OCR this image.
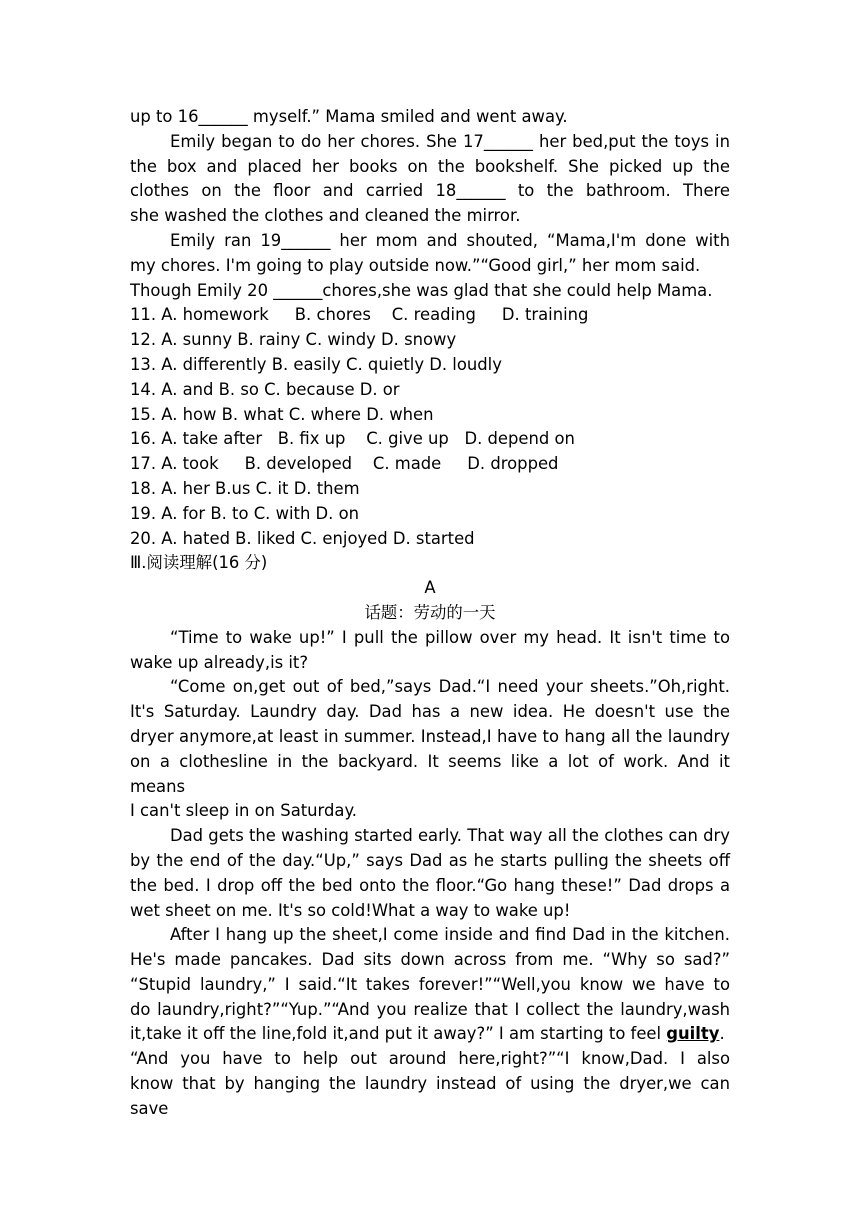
up to 16______ myself.” Mama smiled and went away.
Emily began to do her chores. She 17______ her bed,put the toys in
the box and placed her books on the bookshelf. She picked up the
clothes on the floor and carried 18______ to the bathroom. There
she washed the clothes and cleaned the mirror.
Emily ran 19______ her mom and shouted, “Mama,I'm done with
my chores. I'm going to play outside now.”“Good girl,” her mom said.
Though Emily 20 ______chores,she was glad that she could help Mama.
11. A. homework     B. chores    C. reading     D. training
12. A. sunny B. rainy C. windy D. snowy
13. A. differently B. easily C. quietly D. loudly
14. A. and B. so C. because D. or
15. A. how B. what C. where D. when
16. A. take after   B. fix up    C. give up   D. depend on
17. A. took     B. developed    C. made     D. dropped
18. A. her B.us C. it D. them
19. A. for B. to C. with D. on
20. A. hated B. liked C. enjoyed D. started
Ⅲ.阅读理解(16 分)
A
话题：劳动的一天
“Time to wake up!” I pull the pillow over my head. It isn't time to
wake up already,is it?
“Come on,get out of bed,”says Dad.“I need your sheets.”Oh,right.
It's Saturday. Laundry day. Dad has a new idea. He doesn't use the
dryer anymore,at least in summer. Instead,I have to hang all the laundry
on a clothesline in the backyard. It seems like a lot of work. And it means
I can't sleep in on Saturday.
Dad gets the washing started early. That way all the clothes can dry
by the end of the day.“Up,” says Dad as he starts pulling the sheets off
the bed. I drop off the bed onto the floor.“Go hang these!” Dad drops a
wet sheet on me. It's so cold!What a way to wake up!
After I hang up the sheet,I come inside and find Dad in the kitchen.
He's made pancakes. Dad sits down across from me. “Why so sad?”
“Stupid laundry,” I said.“It takes forever!”“Well,you know we have to
do laundry,right?”“Yup.”“And you realize that I collect the laundry,wash
it,take it off the line,fold it,and put it away?” I am starting to feel guilty.
“And you have to help out around here,right?”“I know,Dad. I also
know that by hanging the laundry instead of using the dryer,we can save
